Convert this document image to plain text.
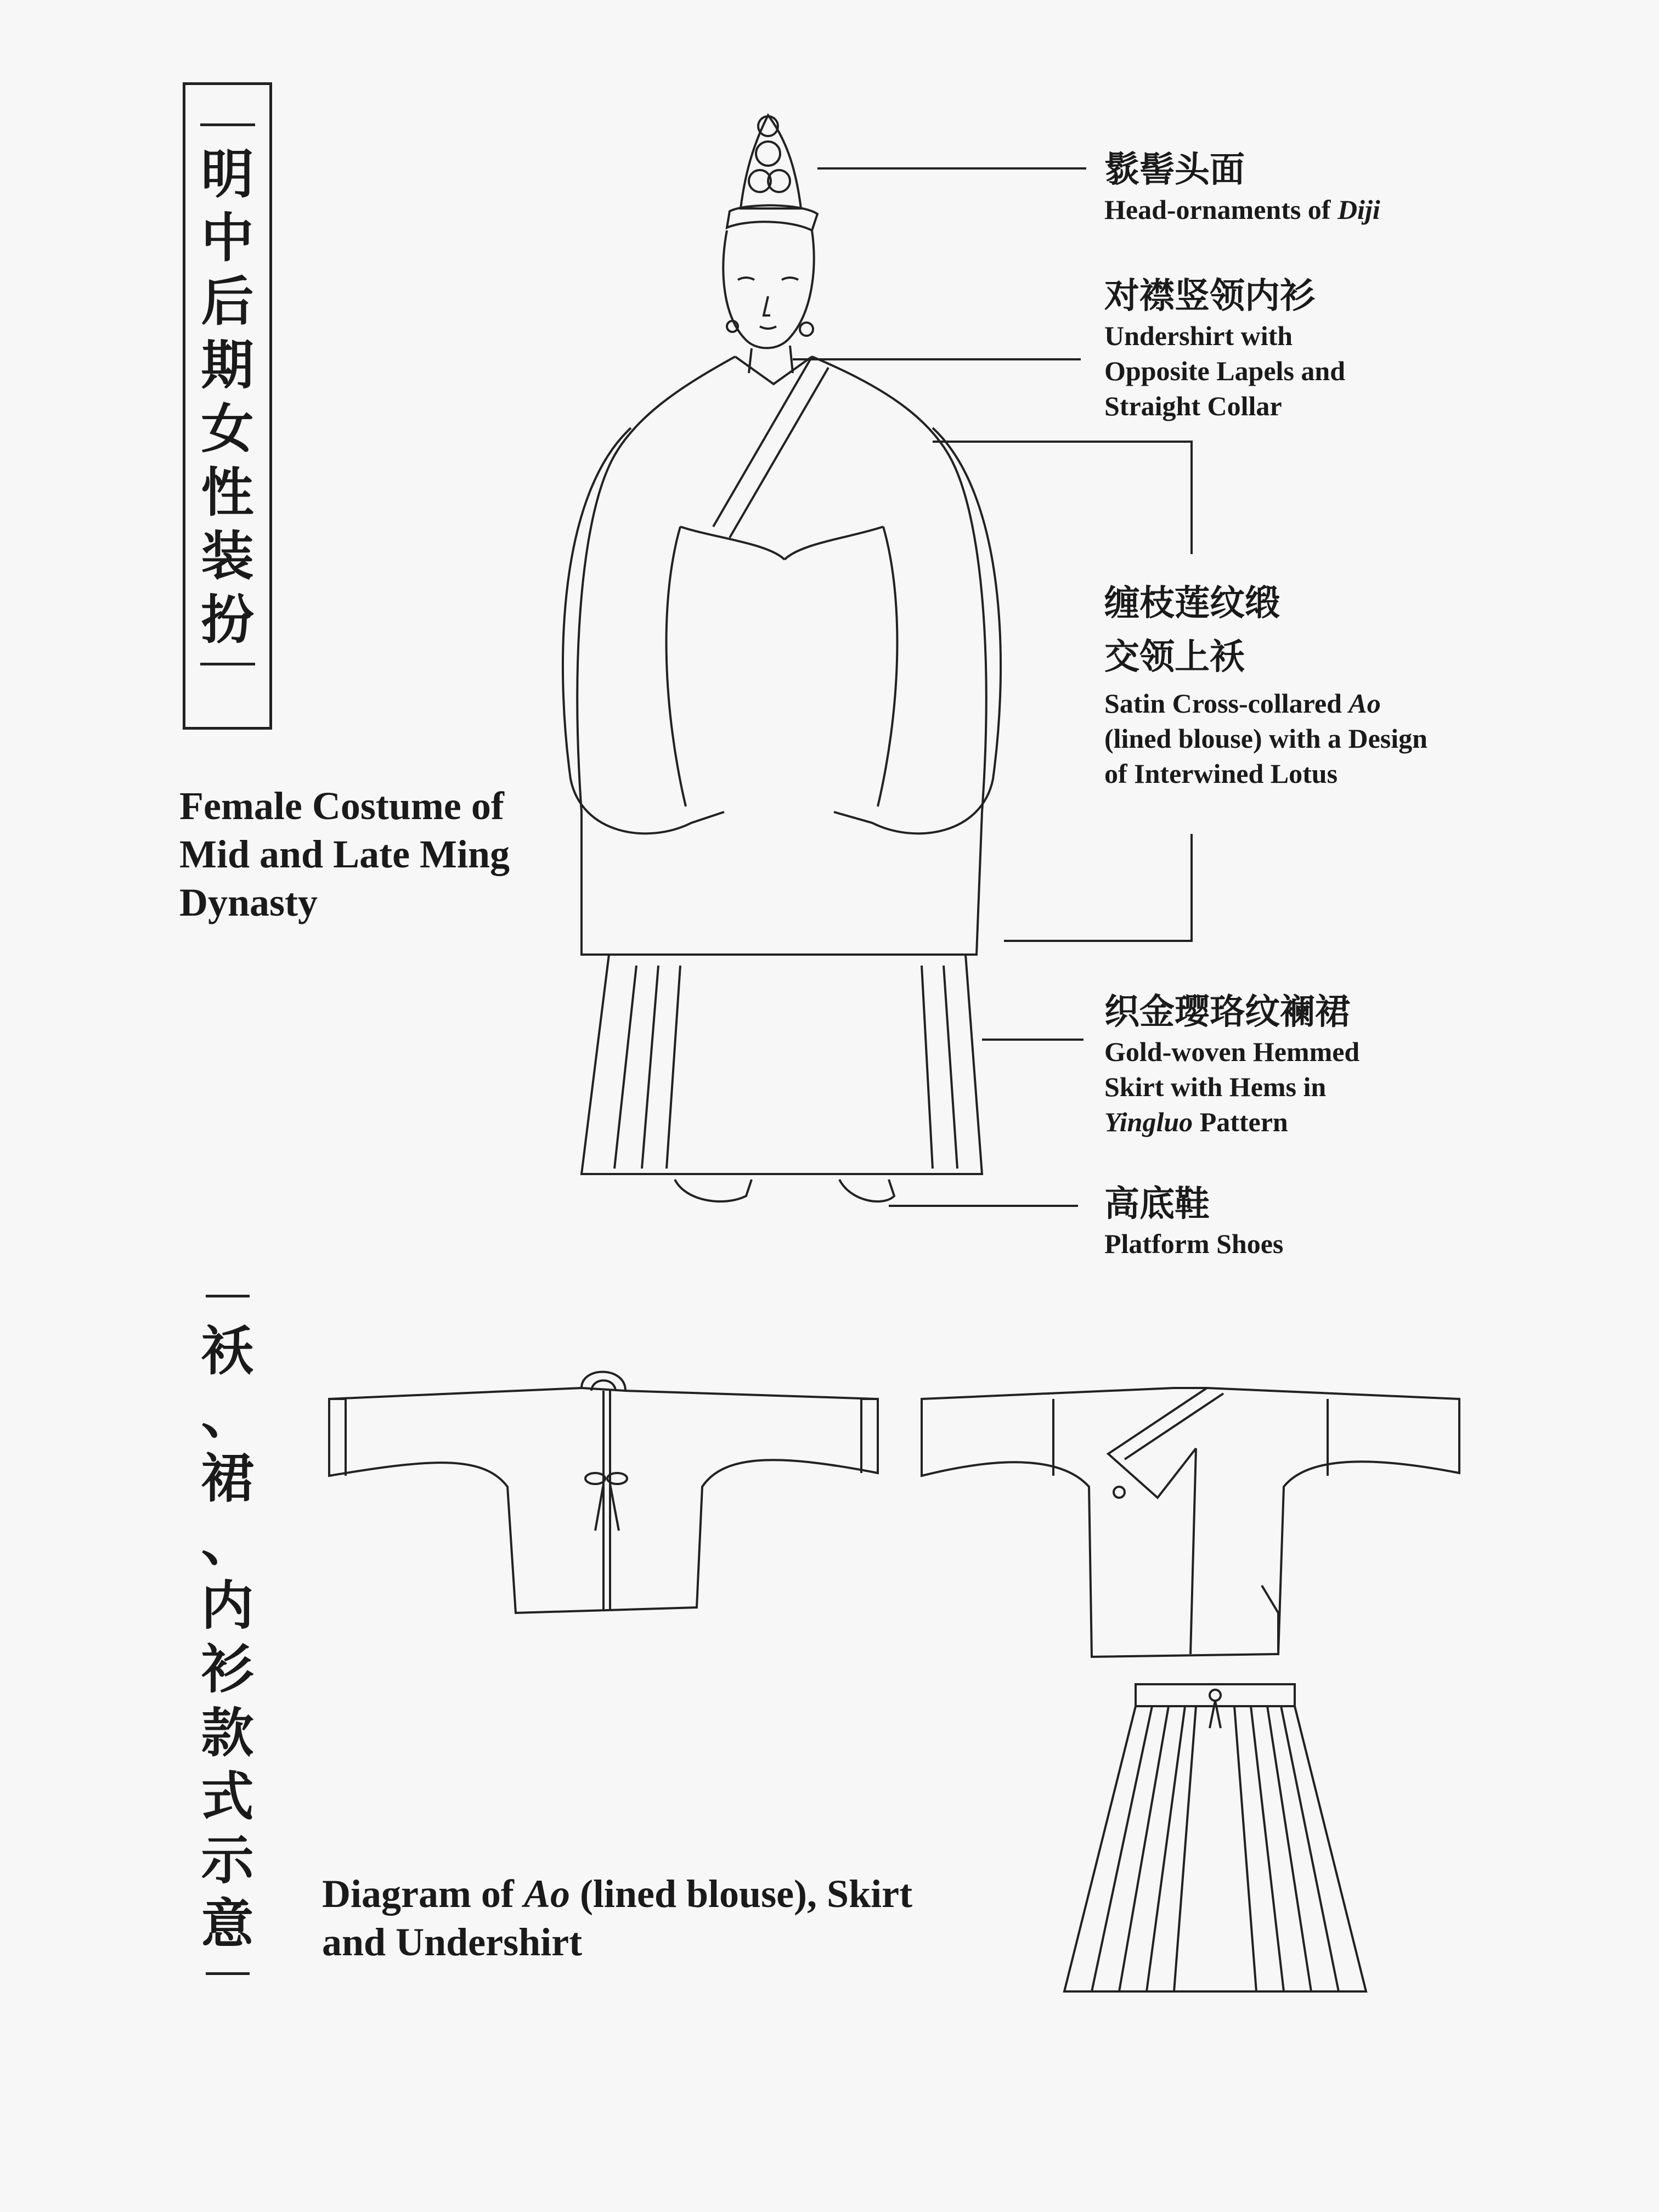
明
中
后
期
女
性
装
扮
Female Costume of
Mid and Late Ming
Dynasty
䯼髻头面
Head-ornaments of Diji
对襟竖领内衫
Undershirt with
Opposite Lapels and
Straight Collar
缠枝莲纹缎
交领上袄
Satin Cross-collared Ao
(lined blouse) with a Design
of Interwined Lotus
织金璎珞纹襕裙
Gold-woven Hemmed
Skirt with Hems in
Yingluo Pattern
高底鞋
Platform Shoes
袄
、
裙
、
内
衫
款
式
示
意	Diagram of Ao (lined blouse), Skirt
and Undershirt
